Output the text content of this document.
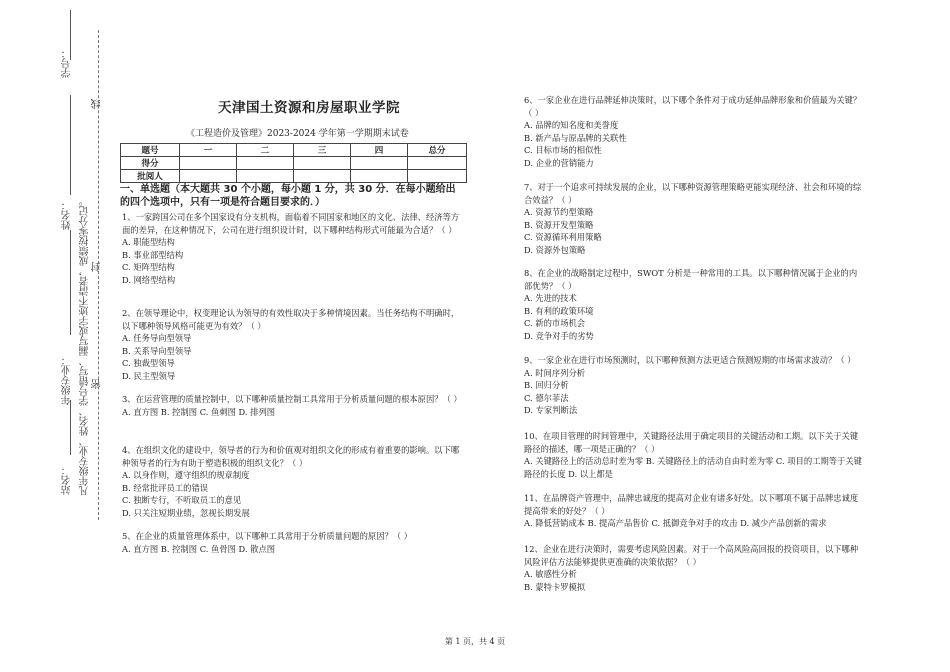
学号：
姓名：
年级专业：
站名： 凡年级专业、姓名、学号错写、漏写或字迹不清者，成绩按零分记。
线
封
密
天津国土资源和房屋职业学院
《工程造价及管理》2023-2024 学年第一学期期末试卷
题号	一	二	三	四	总分
得分					
批阅人					
一、单选题（本大题共 30 个小题，每小题 1 分，共 30 分．在每小题给出的四个选项中，只有一项是符合题目要求的．）

1、一家跨国公司在多个国家设有分支机构，面临着不同国家和地区的文化、法律、经济等方面的差异，在这种情况下，公司在进行组织设计时，以下哪种结构形式可能最为合适？（ ）

A. 职能型结构

B. 事业部型结构

C. 矩阵型结构

D. 网络型结构

2、在领导理论中，权变理论认为领导的有效性取决于多种情境因素。当任务结构不明确时，以下哪种领导风格可能更为有效？（ ）

A. 任务导向型领导

B. 关系导向型领导

C. 独裁型领导

D. 民主型领导

3、在运营管理的质量控制中，以下哪种质量控制工具常用于分析质量问题的根本原因？（ ）

A. 直方图 B. 控制图 C. 鱼刺图 D. 排列图

4、在组织文化的建设中，领导者的行为和价值观对组织文化的形成有着重要的影响。以下哪种领导者的行为有助于塑造积极的组织文化？（ ）

A. 以身作则，遵守组织的规章制度

B. 经常批评员工的错误

C. 独断专行，不听取员工的意见

D. 只关注短期业绩，忽视长期发展

5、在企业的质量管理体系中，以下哪种工具常用于分析质量问题的原因？（ ）

A. 直方图 B. 控制图 C. 鱼骨图 D. 散点图

6、一家企业在进行品牌延伸决策时，以下哪个条件对于成功延伸品牌形象和价值最为关键？（ ）

A. 品牌的知名度和美誉度

B. 新产品与原品牌的关联性

C. 目标市场的相似性

D. 企业的营销能力

7、对于一个追求可持续发展的企业，以下哪种资源管理策略更能实现经济、社会和环境的综合效益？（ ）

A. 资源节约型策略

B. 资源开发型策略

C. 资源循环利用策略

D. 资源外包策略

8、在企业的战略制定过程中，SWOT 分析是一种常用的工具。以下哪种情况属于企业的内部优势？（ ）

A. 先进的技术

B. 有利的政策环境

C. 新的市场机会

D. 竞争对手的劣势

9、一家企业在进行市场预测时，以下哪种预测方法更适合预测短期的市场需求波动？（ ）

A. 时间序列分析

B. 回归分析

C. 德尔菲法

D. 专家判断法

10、在项目管理的时间管理中，关键路径法用于确定项目的关键活动和工期。以下关于关键路径的描述，哪一项是正确的？（ ）

A. 关键路径上的活动总时差为零 B. 关键路径上的活动自由时差为零 C. 项目的工期等于关键路径的长度 D. 以上都是

11、在品牌资产管理中，品牌忠诚度的提高对企业有诸多好处。以下哪项不属于品牌忠诚度提高带来的好处？（ ）

A. 降低营销成本 B. 提高产品售价 C. 抵御竞争对手的攻击 D. 减少产品创新的需求

12、企业在进行决策时，需要考虑风险因素。对于一个高风险高回报的投资项目，以下哪种风险评估方法能够提供更准确的决策依据？（ ）

A. 敏感性分析

B. 蒙特卡罗模拟

第 1 页，共 4 页
